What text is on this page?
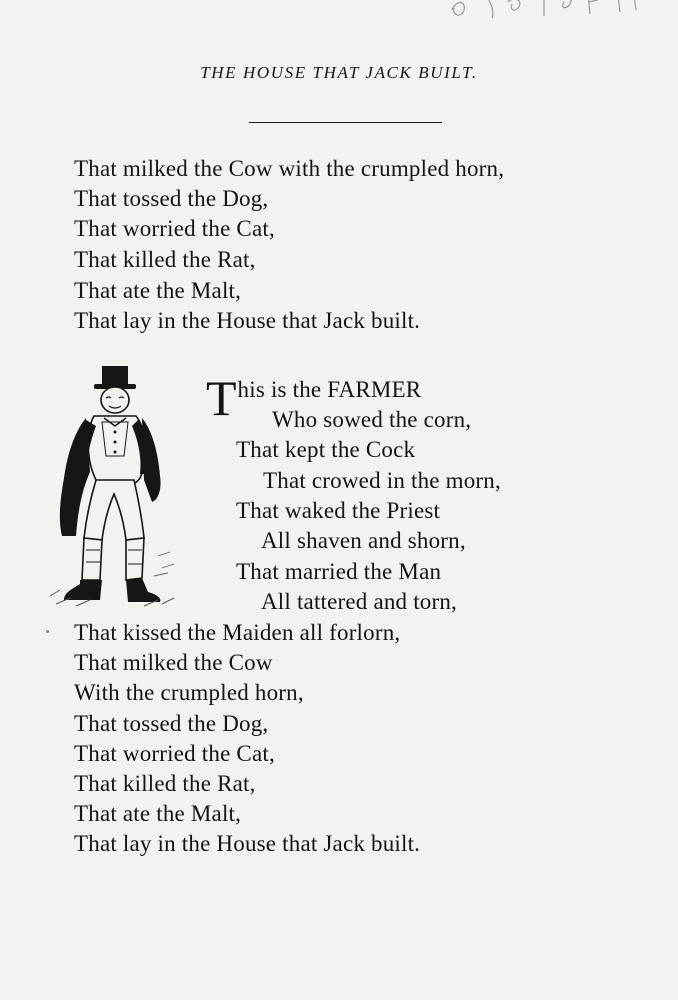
THE HOUSE THAT JACK BUILT.
That milked the Cow with the crumpled horn,
That tossed the Dog,
That worried the Cat,
That killed the Rat,
That ate the Malt,
That lay in the House that Jack built.
This is the FARMER
Who sowed the corn,
That kept the Cock
That crowed in the morn,
That waked the Priest
All shaven and shorn,
That married the Man
All tattered and torn,
That kissed the Maiden all forlorn,
That milked the Cow
With the crumpled horn,
That tossed the Dog,
That worried the Cat,
That killed the Rat,
That ate the Malt,
That lay in the House that Jack built.
